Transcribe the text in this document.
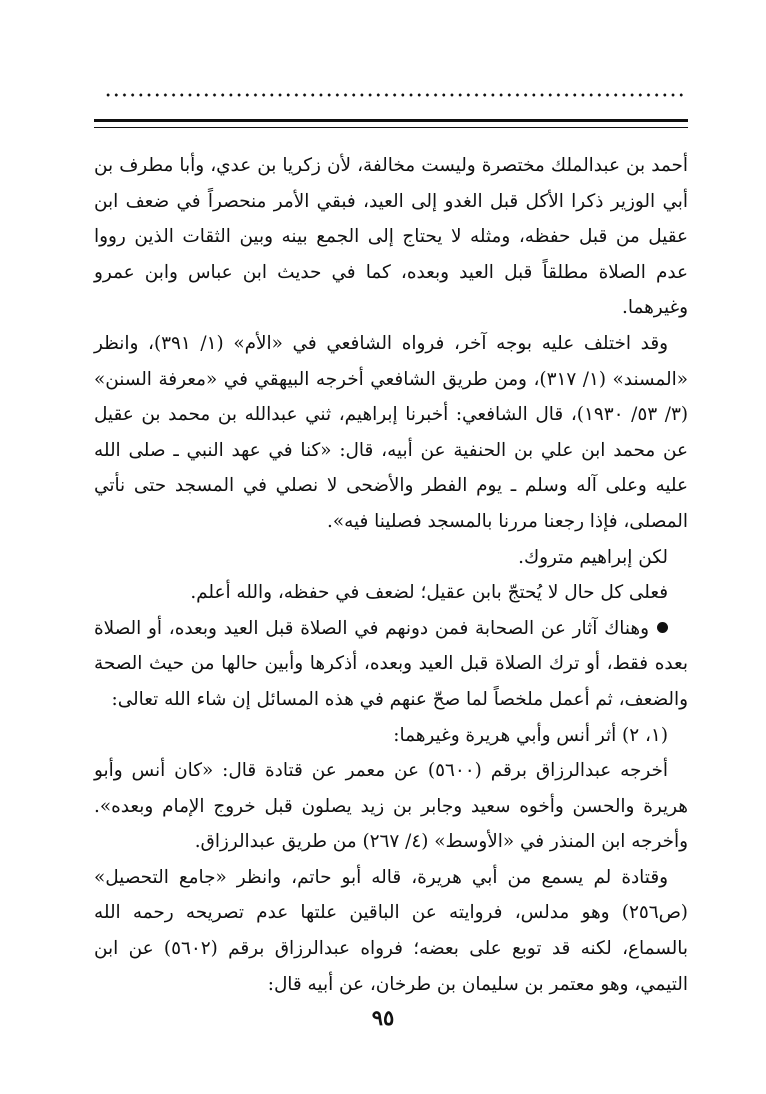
أحمد بن عبدالملك مختصرة وليست مخالفة، لأن زكريا بن عدي، وأبا مطرف بن أبي الوزير ذكرا الأكل قبل الغدو إلى العيد، فبقي الأمر منحصراً في ضعف ابن عقيل من قبل حفظه، ومثله لا يحتاج إلى الجمع بينه وبين الثقات الذين رووا عدم الصلاة مطلقاً قبل العيد وبعده، كما في حديث ابن عباس وابن عمرو وغيرهما.

وقد اختلف عليه بوجه آخر، فرواه الشافعي في «الأم» (١/ ٣٩١)، وانظر «المسند» (١/ ٣١٧)، ومن طريق الشافعي أخرجه البيهقي في «معرفة السنن» (٣/ ٥٣/ ١٩٣٠)، قال الشافعي: أخبرنا إبراهيم، ثني عبدالله بن محمد بن عقيل عن محمد ابن علي بن الحنفية عن أبيه، قال: «كنا في عهد النبي ـ صلى الله عليه وعلى آله وسلم ـ يوم الفطر والأضحى لا نصلي في المسجد حتى نأتي المصلى، فإذا رجعنا مررنا بالمسجد فصلينا فيه».

لكن إبراهيم متروك.

فعلى كل حال لا يُحتجّ بابن عقيل؛ لضعف في حفظه، والله أعلم.

وهناك آثار عن الصحابة فمن دونهم في الصلاة قبل العيد وبعده، أو الصلاة بعده فقط، أو ترك الصلاة قبل العيد وبعده، أذكرها وأبين حالها من حيث الصحة والضعف، ثم أعمل ملخصاً لما صحّ عنهم في هذه المسائل إن شاء الله تعالى:

(١، ٢) أثر أنس وأبي هريرة وغيرهما:

أخرجه عبدالرزاق برقم (٥٦٠٠) عن معمر عن قتادة قال: «كان أنس وأبو هريرة والحسن وأخوه سعيد وجابر بن زيد يصلون قبل خروج الإمام وبعده». وأخرجه ابن المنذر في «الأوسط» (٤/ ٢٦٧) من طريق عبدالرزاق.

وقتادة لم يسمع من أبي هريرة، قاله أبو حاتم، وانظر «جامع التحصيل» (ص٢٥٦) وهو مدلس، فروايته عن الباقين علتها عدم تصريحه رحمه الله بالسماع، لكنه قد توبع على بعضه؛ فرواه عبدالرزاق برقم (٥٦٠٢) عن ابن التيمي، وهو معتمر بن سليمان بن طرخان، عن أبيه قال:

٩٥
